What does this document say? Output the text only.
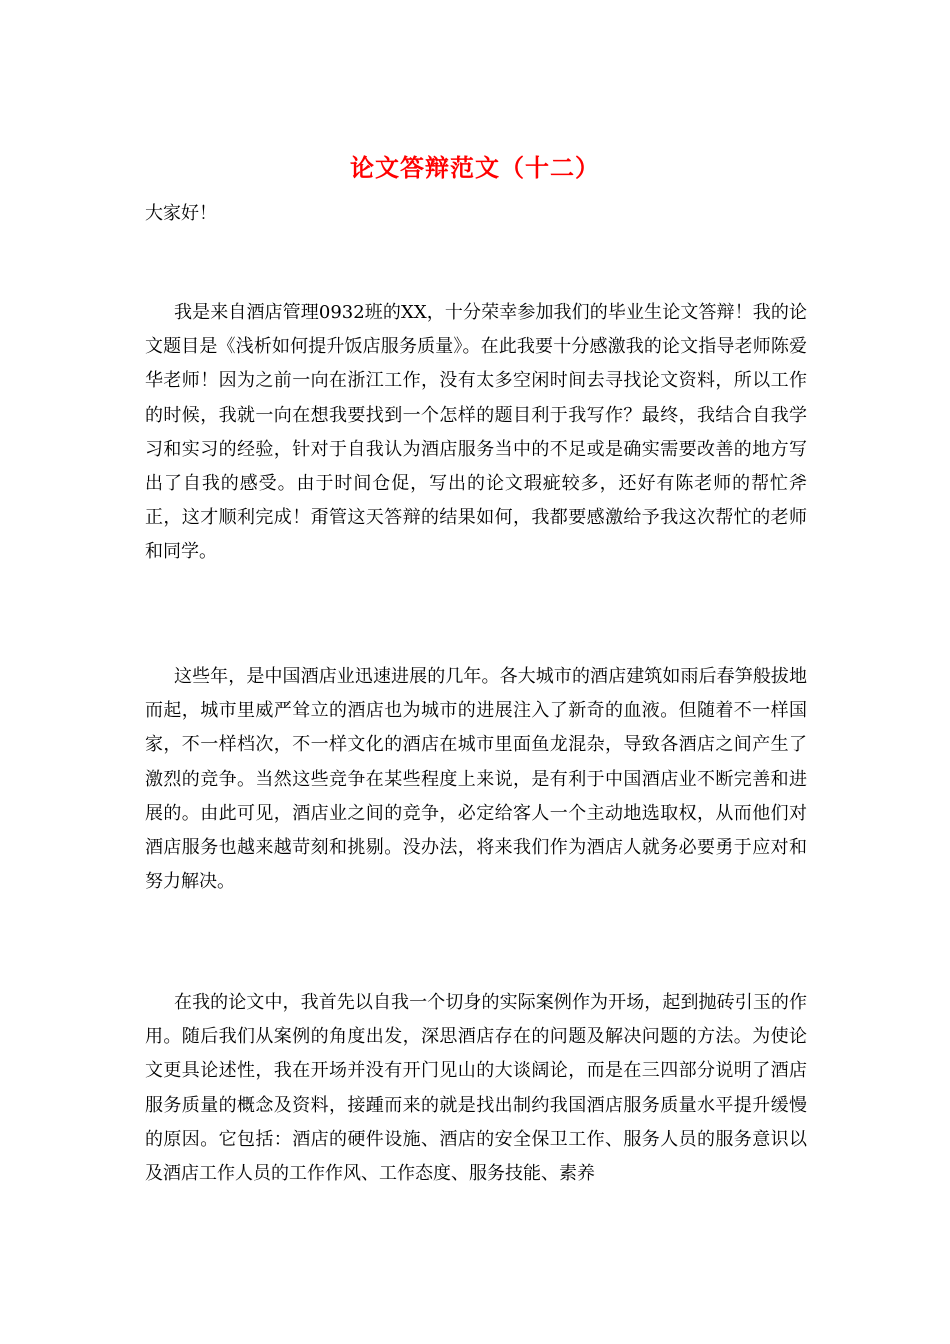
论文答辩范文（十二）
大家好！

我是来自酒店管理0932班的XX，十分荣幸参加我们的毕业生论文答辩！我的论文题目是《浅析如何提升饭店服务质量》。在此我要十分感激我的论文指导老师陈爱华老师！因为之前一向在浙江工作，没有太多空闲时间去寻找论文资料，所以工作的时候，我就一向在想我要找到一个怎样的题目利于我写作？最终，我结合自我学习和实习的经验，针对于自我认为酒店服务当中的不足或是确实需要改善的地方写出了自我的感受。由于时间仓促，写出的论文瑕疵较多，还好有陈老师的帮忙斧正，这才顺利完成！甭管这天答辩的结果如何，我都要感激给予我这次帮忙的老师和同学。

这些年，是中国酒店业迅速进展的几年。各大城市的酒店建筑如雨后春笋般拔地而起，城市里威严耸立的酒店也为城市的进展注入了新奇的血液。但随着不一样国家，不一样档次，不一样文化的酒店在城市里面鱼龙混杂，导致各酒店之间产生了激烈的竞争。当然这些竞争在某些程度上来说，是有利于中国酒店业不断完善和进展的。由此可见，酒店业之间的竞争，必定给客人一个主动地选取权，从而他们对酒店服务也越来越苛刻和挑剔。没办法，将来我们作为酒店人就务必要勇于应对和努力解决。

在我的论文中，我首先以自我一个切身的实际案例作为开场，起到抛砖引玉的作用。随后我们从案例的角度出发，深思酒店存在的问题及解决问题的方法。为使论文更具论述性，我在开场并没有开门见山的大谈阔论，而是在三四部分说明了酒店服务质量的概念及资料，接踵而来的就是找出制约我国酒店服务质量水平提升缓慢的原因。它包括：酒店的硬件设施、酒店的安全保卫工作、服务人员的服务意识以及酒店工作人员的工作作风、工作态度、服务技能、素养
